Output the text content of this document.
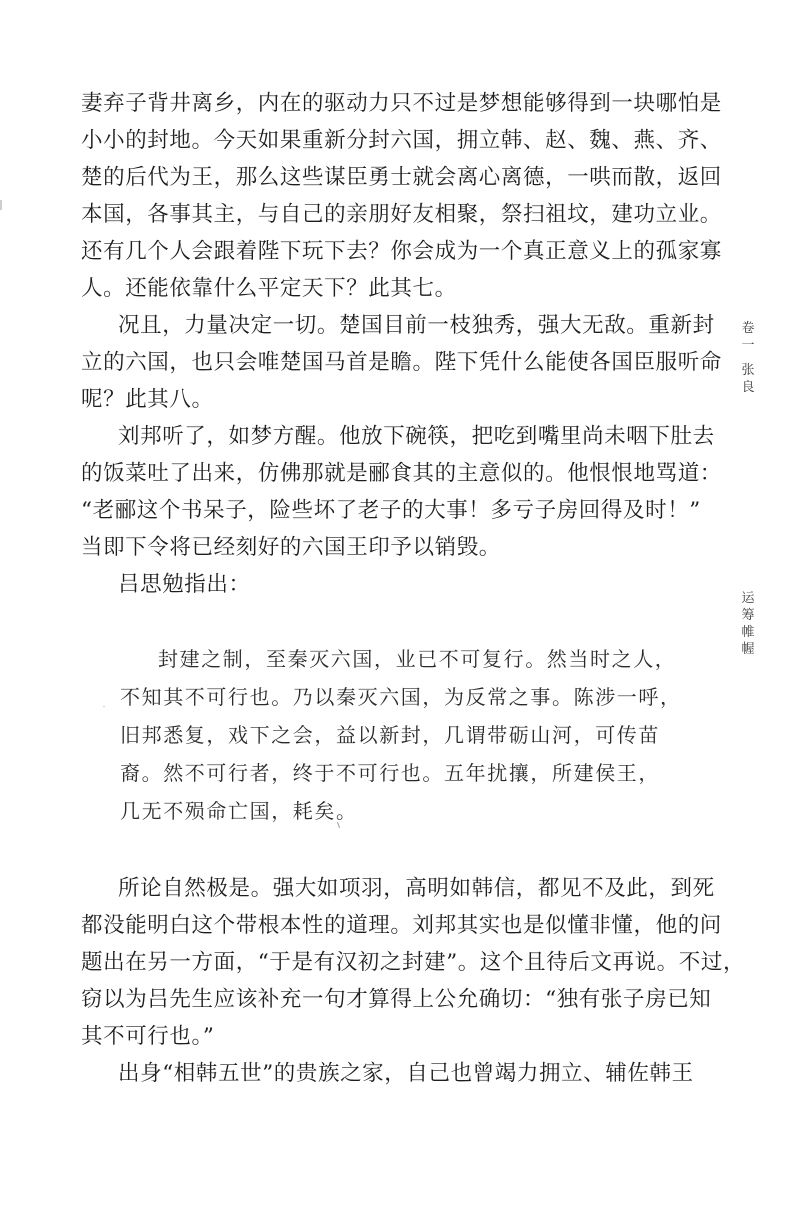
妻弃子背井离乡，内在的驱动力只不过是梦想能够得到一块哪怕是
小小的封地。今天如果重新分封六国，拥立韩、赵、魏、燕、齐、
楚的后代为王，那么这些谋臣勇士就会离心离德，一哄而散，返回
本国，各事其主，与自己的亲朋好友相聚，祭扫祖坟，建功立业。
还有几个人会跟着陛下玩下去？你会成为一个真正意义上的孤家寡
人。还能依靠什么平定天下？此其七。
况且，力量决定一切。楚国目前一枝独秀，强大无敌。重新封
立的六国，也只会唯楚国马首是瞻。陛下凭什么能使各国臣服听命
呢？此其八。
刘邦听了，如梦方醒。他放下碗筷，把吃到嘴里尚未咽下肚去
的饭菜吐了出来，仿佛那就是郦食其的主意似的。他恨恨地骂道：
“老郦这个书呆子，险些坏了老子的大事！多亏子房回得及时！”
当即下令将已经刻好的六国王印予以销毁。
吕思勉指出：
封建之制，至秦灭六国，业已不可复行。然当时之人，
不知其不可行也。乃以秦灭六国，为反常之事。陈涉一呼，
旧邦悉复，戏下之会，益以新封，几谓带砺山河，可传苗
裔。然不可行者，终于不可行也。五年扰攘，所建侯王，
几无不殒命亡国，耗矣。
所论自然极是。强大如项羽，高明如韩信，都见不及此，到死
都没能明白这个带根本性的道理。刘邦其实也是似懂非懂，他的问
题出在另一方面，“于是有汉初之封建”。这个且待后文再说。不过，
窃以为吕先生应该补充一句才算得上公允确切：“独有张子房已知
其不可行也。”
出身“相韩五世”的贵族之家，自己也曾竭力拥立、辅佐韩王
卷一
张良
运筹帷幄
